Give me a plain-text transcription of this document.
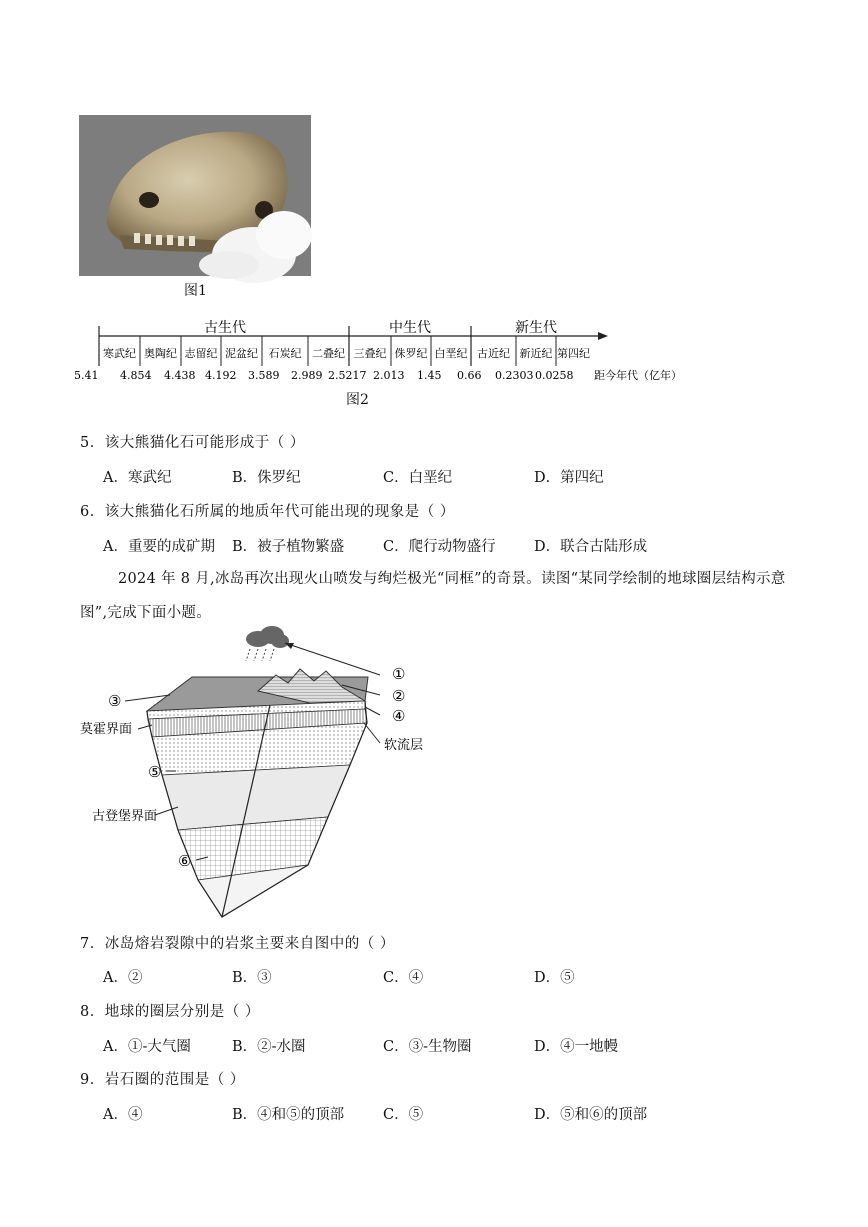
图1
古生代	中生代	新生代
寒武纪 奥陶纪 志留纪 泥盆纪 石炭纪 二叠纪 三叠纪 侏罗纪 白垩纪 古近纪 新近纪 第四纪
5.41 4.854 4.438 4.192 3.589 2.989 2.5217 2.013 1.45 0.66 0.2303 0.0258 距今年代（亿年）
图2
5．该大熊猫化石可能形成于（ ）
A．寒武纪	B．侏罗纪	C．白垩纪	D．第四纪
6．该大熊猫化石所属的地质年代可能出现的现象是（ ）
A．重要的成矿期 B．被子植物繁盛	C．爬行动物盛行	D．联合古陆形成
2024 年 8 月,冰岛再次出现火山喷发与绚烂极光“同框”的奇景。读图“某同学绘制的地球圈层结构示意
图”,完成下面小题。
①
②
④
③
莫霍界面
软流层
⑤
古登堡界面
⑥
7．冰岛熔岩裂隙中的岩浆主要来自图中的（ ）
A．②	B．③	C．④	D．⑤
8．地球的圈层分别是（ ）
A．①-大气圈	B．②-水圈	C．③-生物圈	D．④一地幔
9．岩石圈的范围是（ ）
A．④	B．④和⑤的顶部	C．⑤	D．⑤和⑥的顶部
